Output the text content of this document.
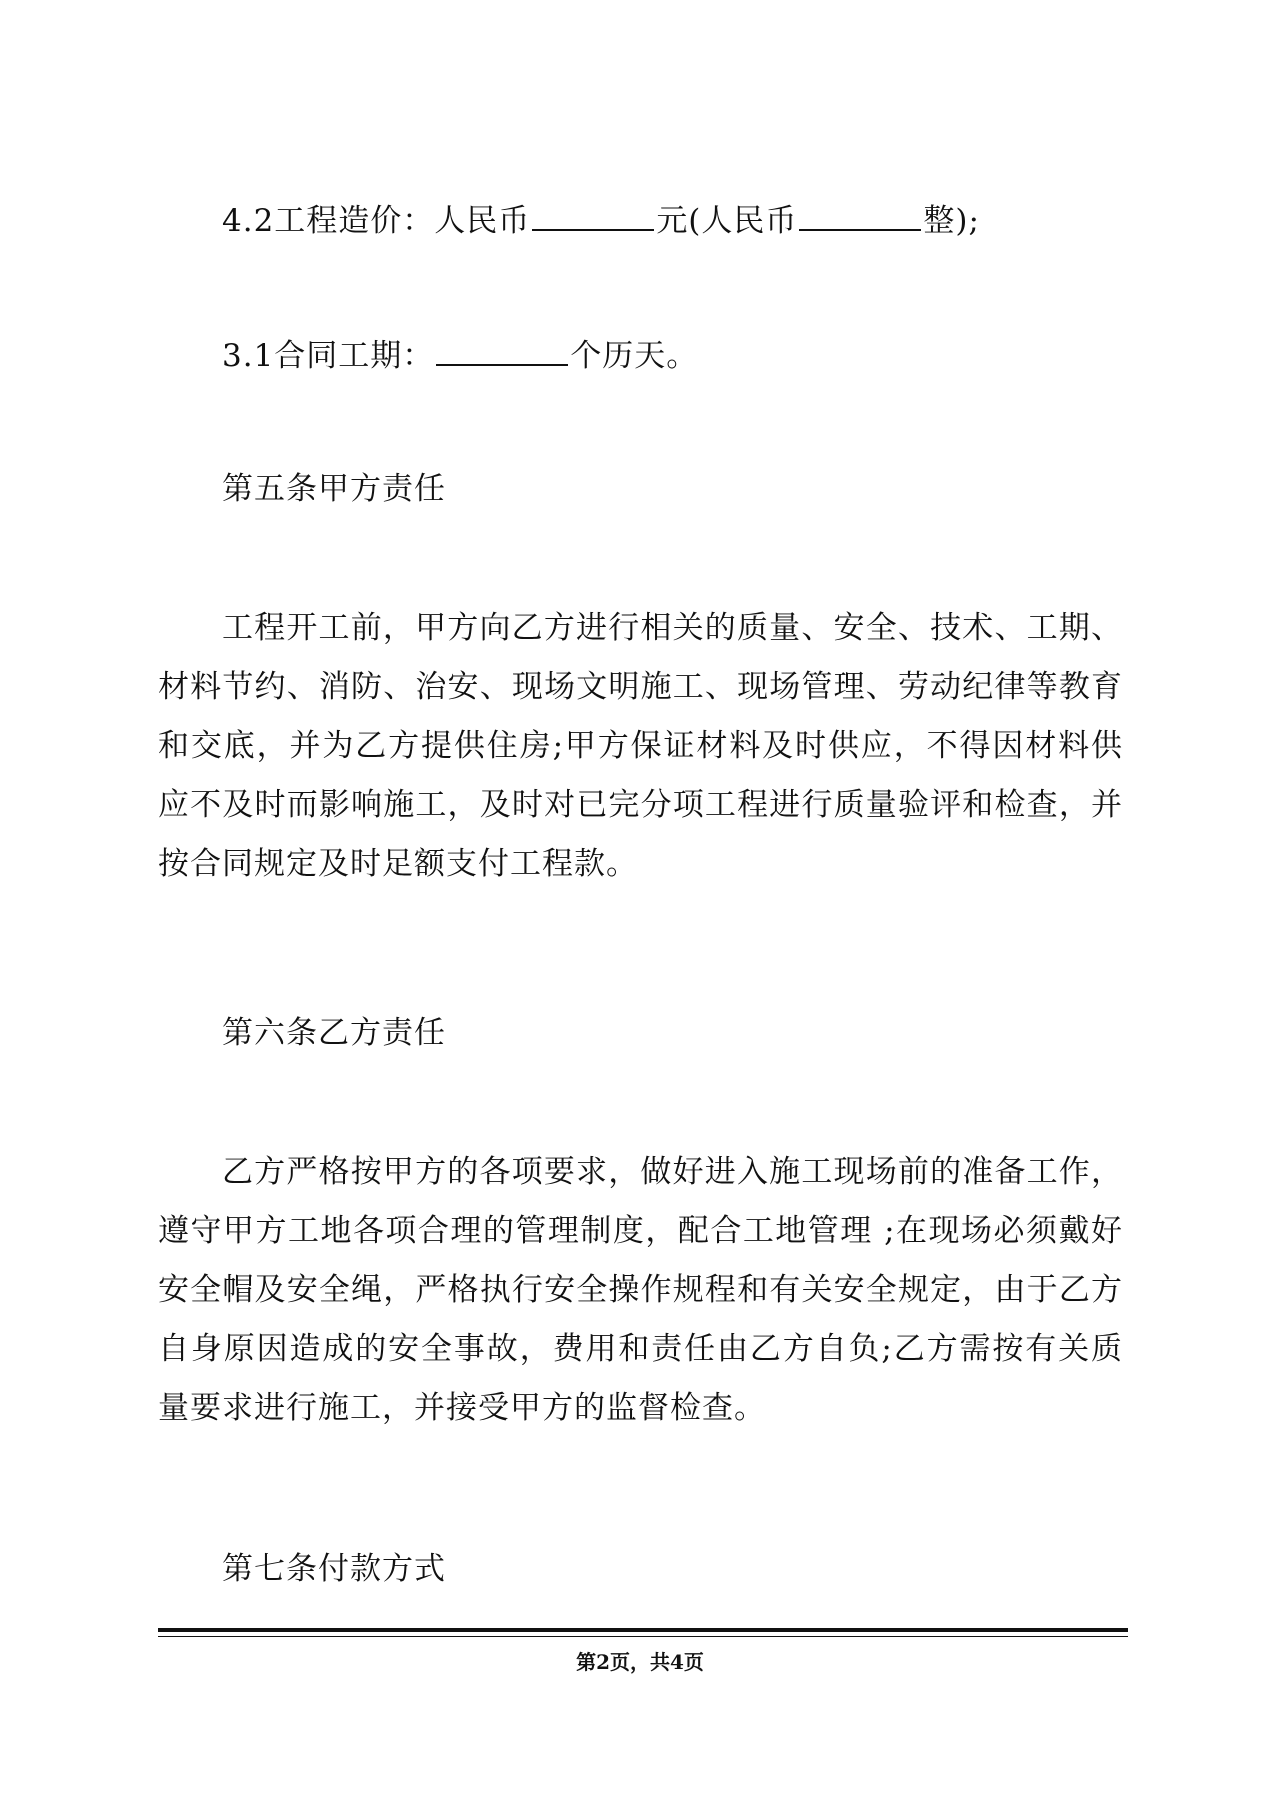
4.2工程造价：人民币	元(人民币	整);
3.1合同工期：	个历天。
第五条甲方责任
工程开工前，甲方向乙方进行相关的质量、安全、技术、工期、材料节约、消防、治安、现场文明施工、现场管理、劳动纪律等教育和交底，并为乙方提供住房;甲方保证材料及时供应，不得因材料供应不及时而影响施工，及时对已完分项工程进行质量验评和检查，并按合同规定及时足额支付工程款。
第六条乙方责任
乙方严格按甲方的各项要求，做好进入施工现场前的准备工作，遵守甲方工地各项合理的管理制度，配合工地管理 ;在现场必须戴好安全帽及安全绳，严格执行安全操作规程和有关安全规定，由于乙方自身原因造成的安全事故，费用和责任由乙方自负;乙方需按有关质量要求进行施工，并接受甲方的监督检查。
第七条付款方式
第2页，共4页
